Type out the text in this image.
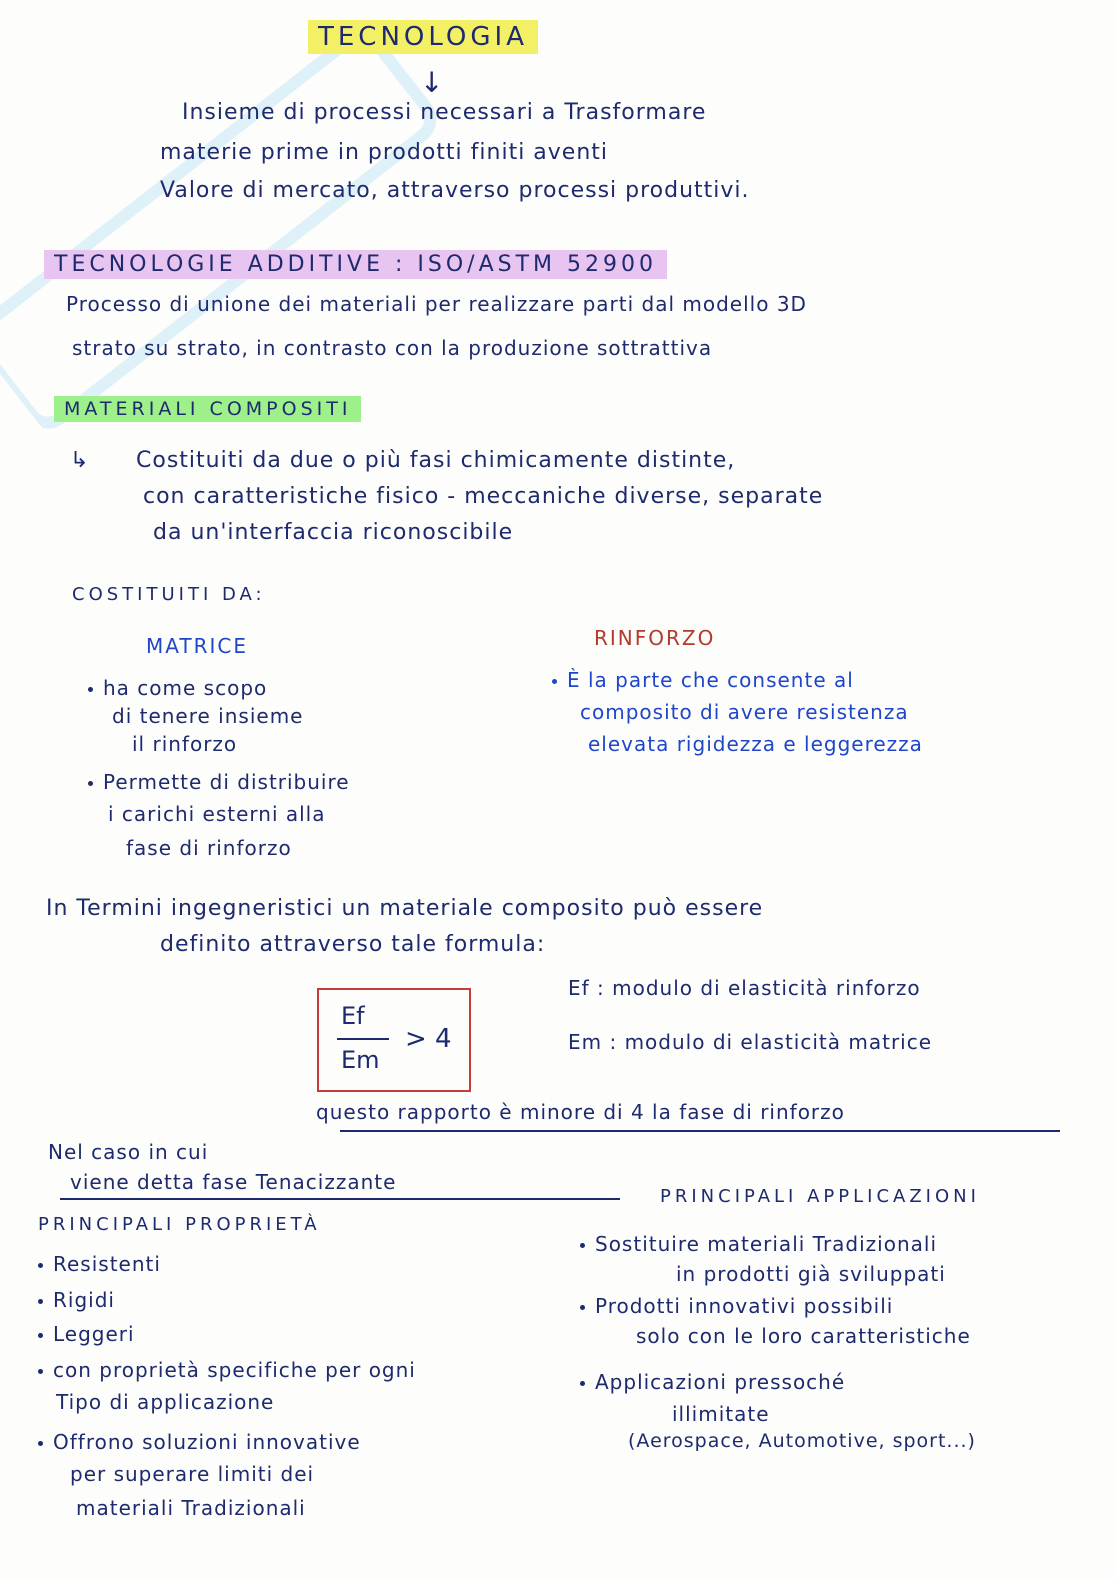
TECNOLOGIA
↓
Insieme di processi necessari a Trasformare
materie prime in prodotti finiti aventi
Valore di mercato, attraverso processi produttivi.
TECNOLOGIE ADDITIVE : ISO/ASTM 52900
Processo di unione dei materiali per realizzare parti dal modello 3D
strato su strato, in contrasto con la produzione sottrattiva
MATERIALI COMPOSITI
↳ Costituiti da due o più fasi chimicamente distinte,
con caratteristiche fisico - meccaniche diverse, separate
da un'interfaccia riconoscibile
COSTITUITI DA:
MATRICE
ha come scopo
di tenere insieme
il rinforzo
Permette di distribuire
i carichi esterni alla
fase di rinforzo
RINFORZO
È la parte che consente al
composito di avere resistenza
elevata rigidezza e leggerezza
In Termini ingegneristici un materiale composito può essere
definito attraverso tale formula:
Ef
Em
> 4
Ef : modulo di elasticità rinforzo
Em : modulo di elasticità matrice
questo rapporto è minore di 4 la fase di rinforzo
Nel caso in cui
viene detta fase Tenacizzante
PRINCIPALI PROPRIETÀ
Resistenti
Rigidi
Leggeri
con proprietà specifiche per ogni
Tipo di applicazione
Offrono soluzioni innovative
per superare limiti dei
materiali Tradizionali
PRINCIPALI APPLICAZIONI
Sostituire materiali Tradizionali
in prodotti già sviluppati
Prodotti innovativi possibili
solo con le loro caratteristiche
Applicazioni pressoché
illimitate
(Aerospace, Automotive, sport...)
